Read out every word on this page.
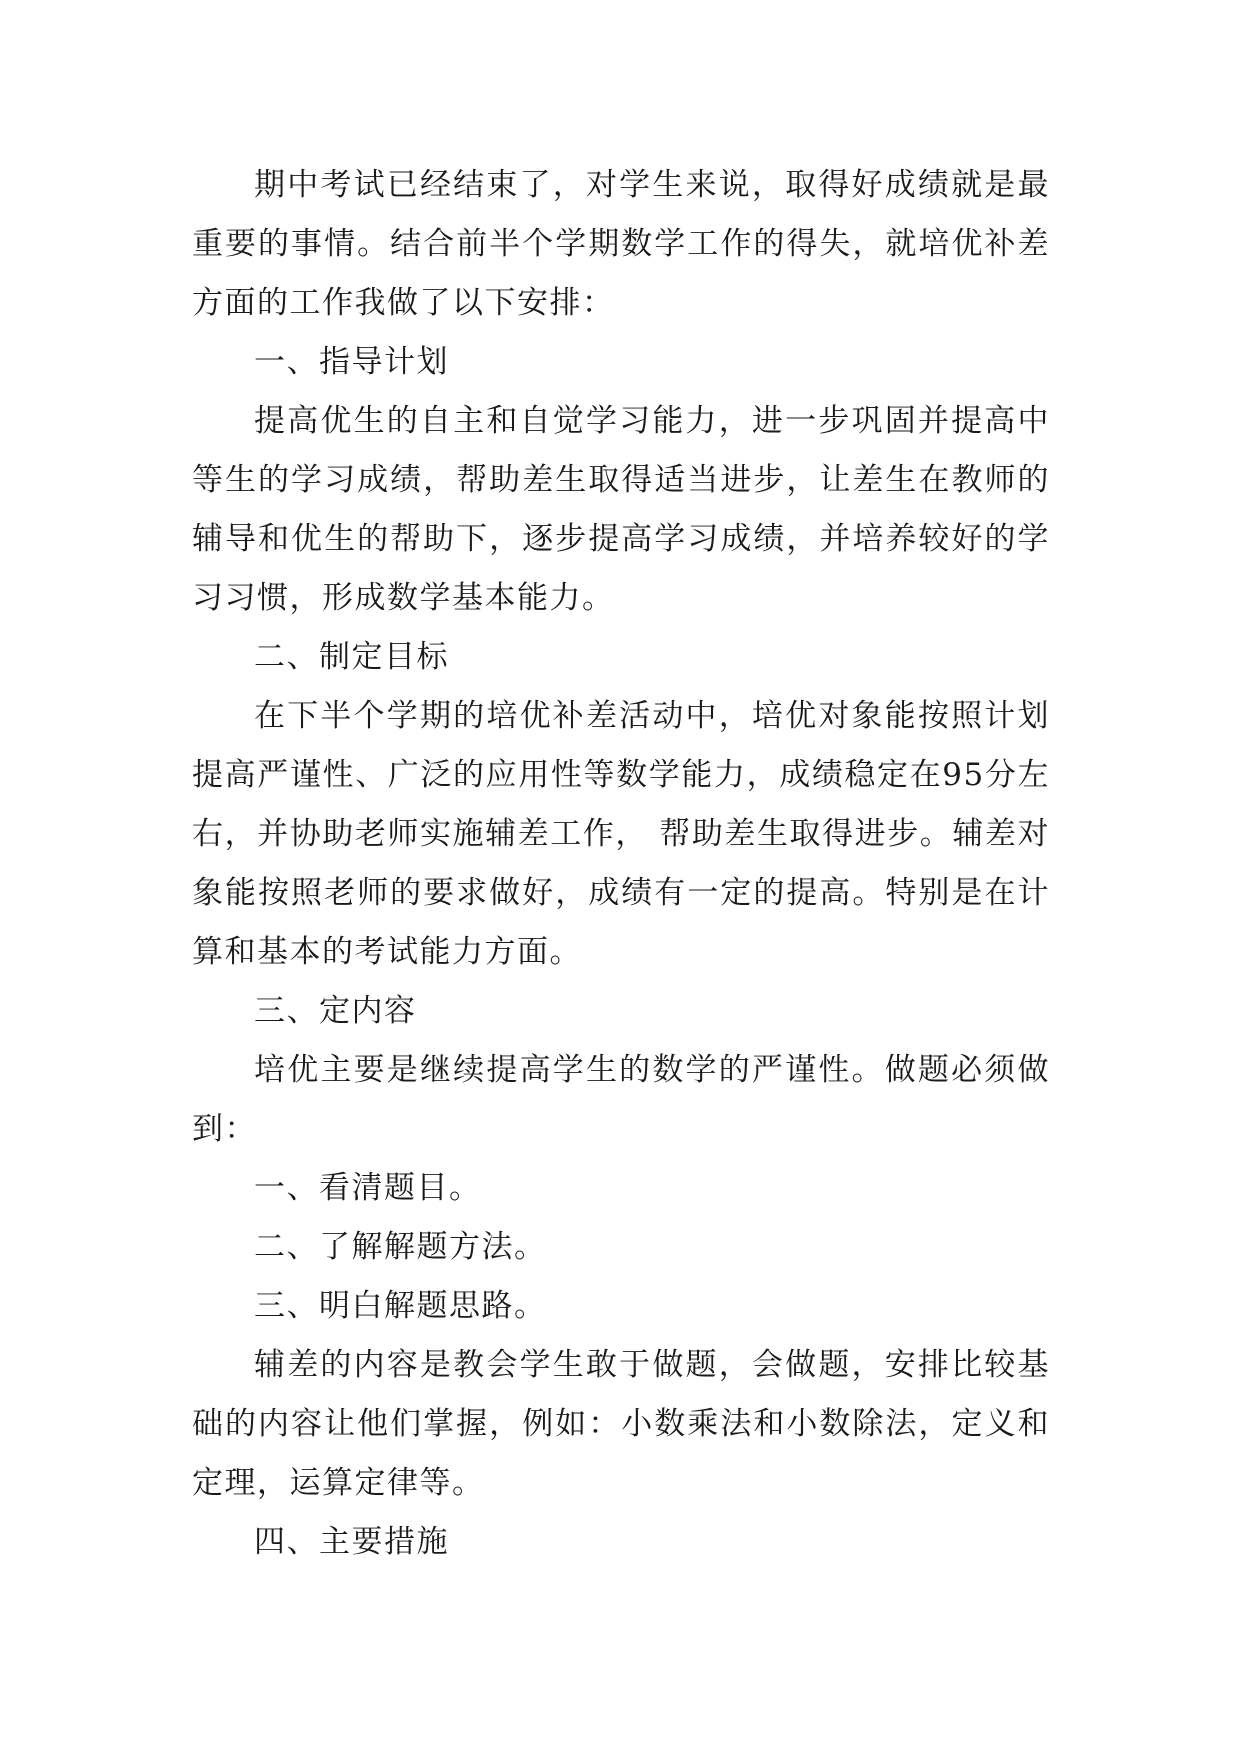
期中考试已经结束了，对学生来说，取得好成绩就是最重要的事情。结合前半个学期数学工作的得失，就培优补差方面的工作我做了以下安排：

一、指导计划

提高优生的自主和自觉学习能力，进一步巩固并提高中等生的学习成绩，帮助差生取得适当进步，让差生在教师的辅导和优生的帮助下，逐步提高学习成绩，并培养较好的学习习惯，形成数学基本能力。

二、制定目标

在下半个学期的培优补差活动中，培优对象能按照计划提高严谨性、广泛的应用性等数学能力，成绩稳定在95分左右，并协助老师实施辅差工作， 帮助差生取得进步。辅差对象能按照老师的要求做好，成绩有一定的提高。特别是在计算和基本的考试能力方面。

三、定内容

培优主要是继续提高学生的数学的严谨性。做题必须做到：

一、看清题目。

二、了解解题方法。

三、明白解题思路。

辅差的内容是教会学生敢于做题，会做题，安排比较基础的内容让他们掌握，例如：小数乘法和小数除法，定义和定理，运算定律等。

四、主要措施
